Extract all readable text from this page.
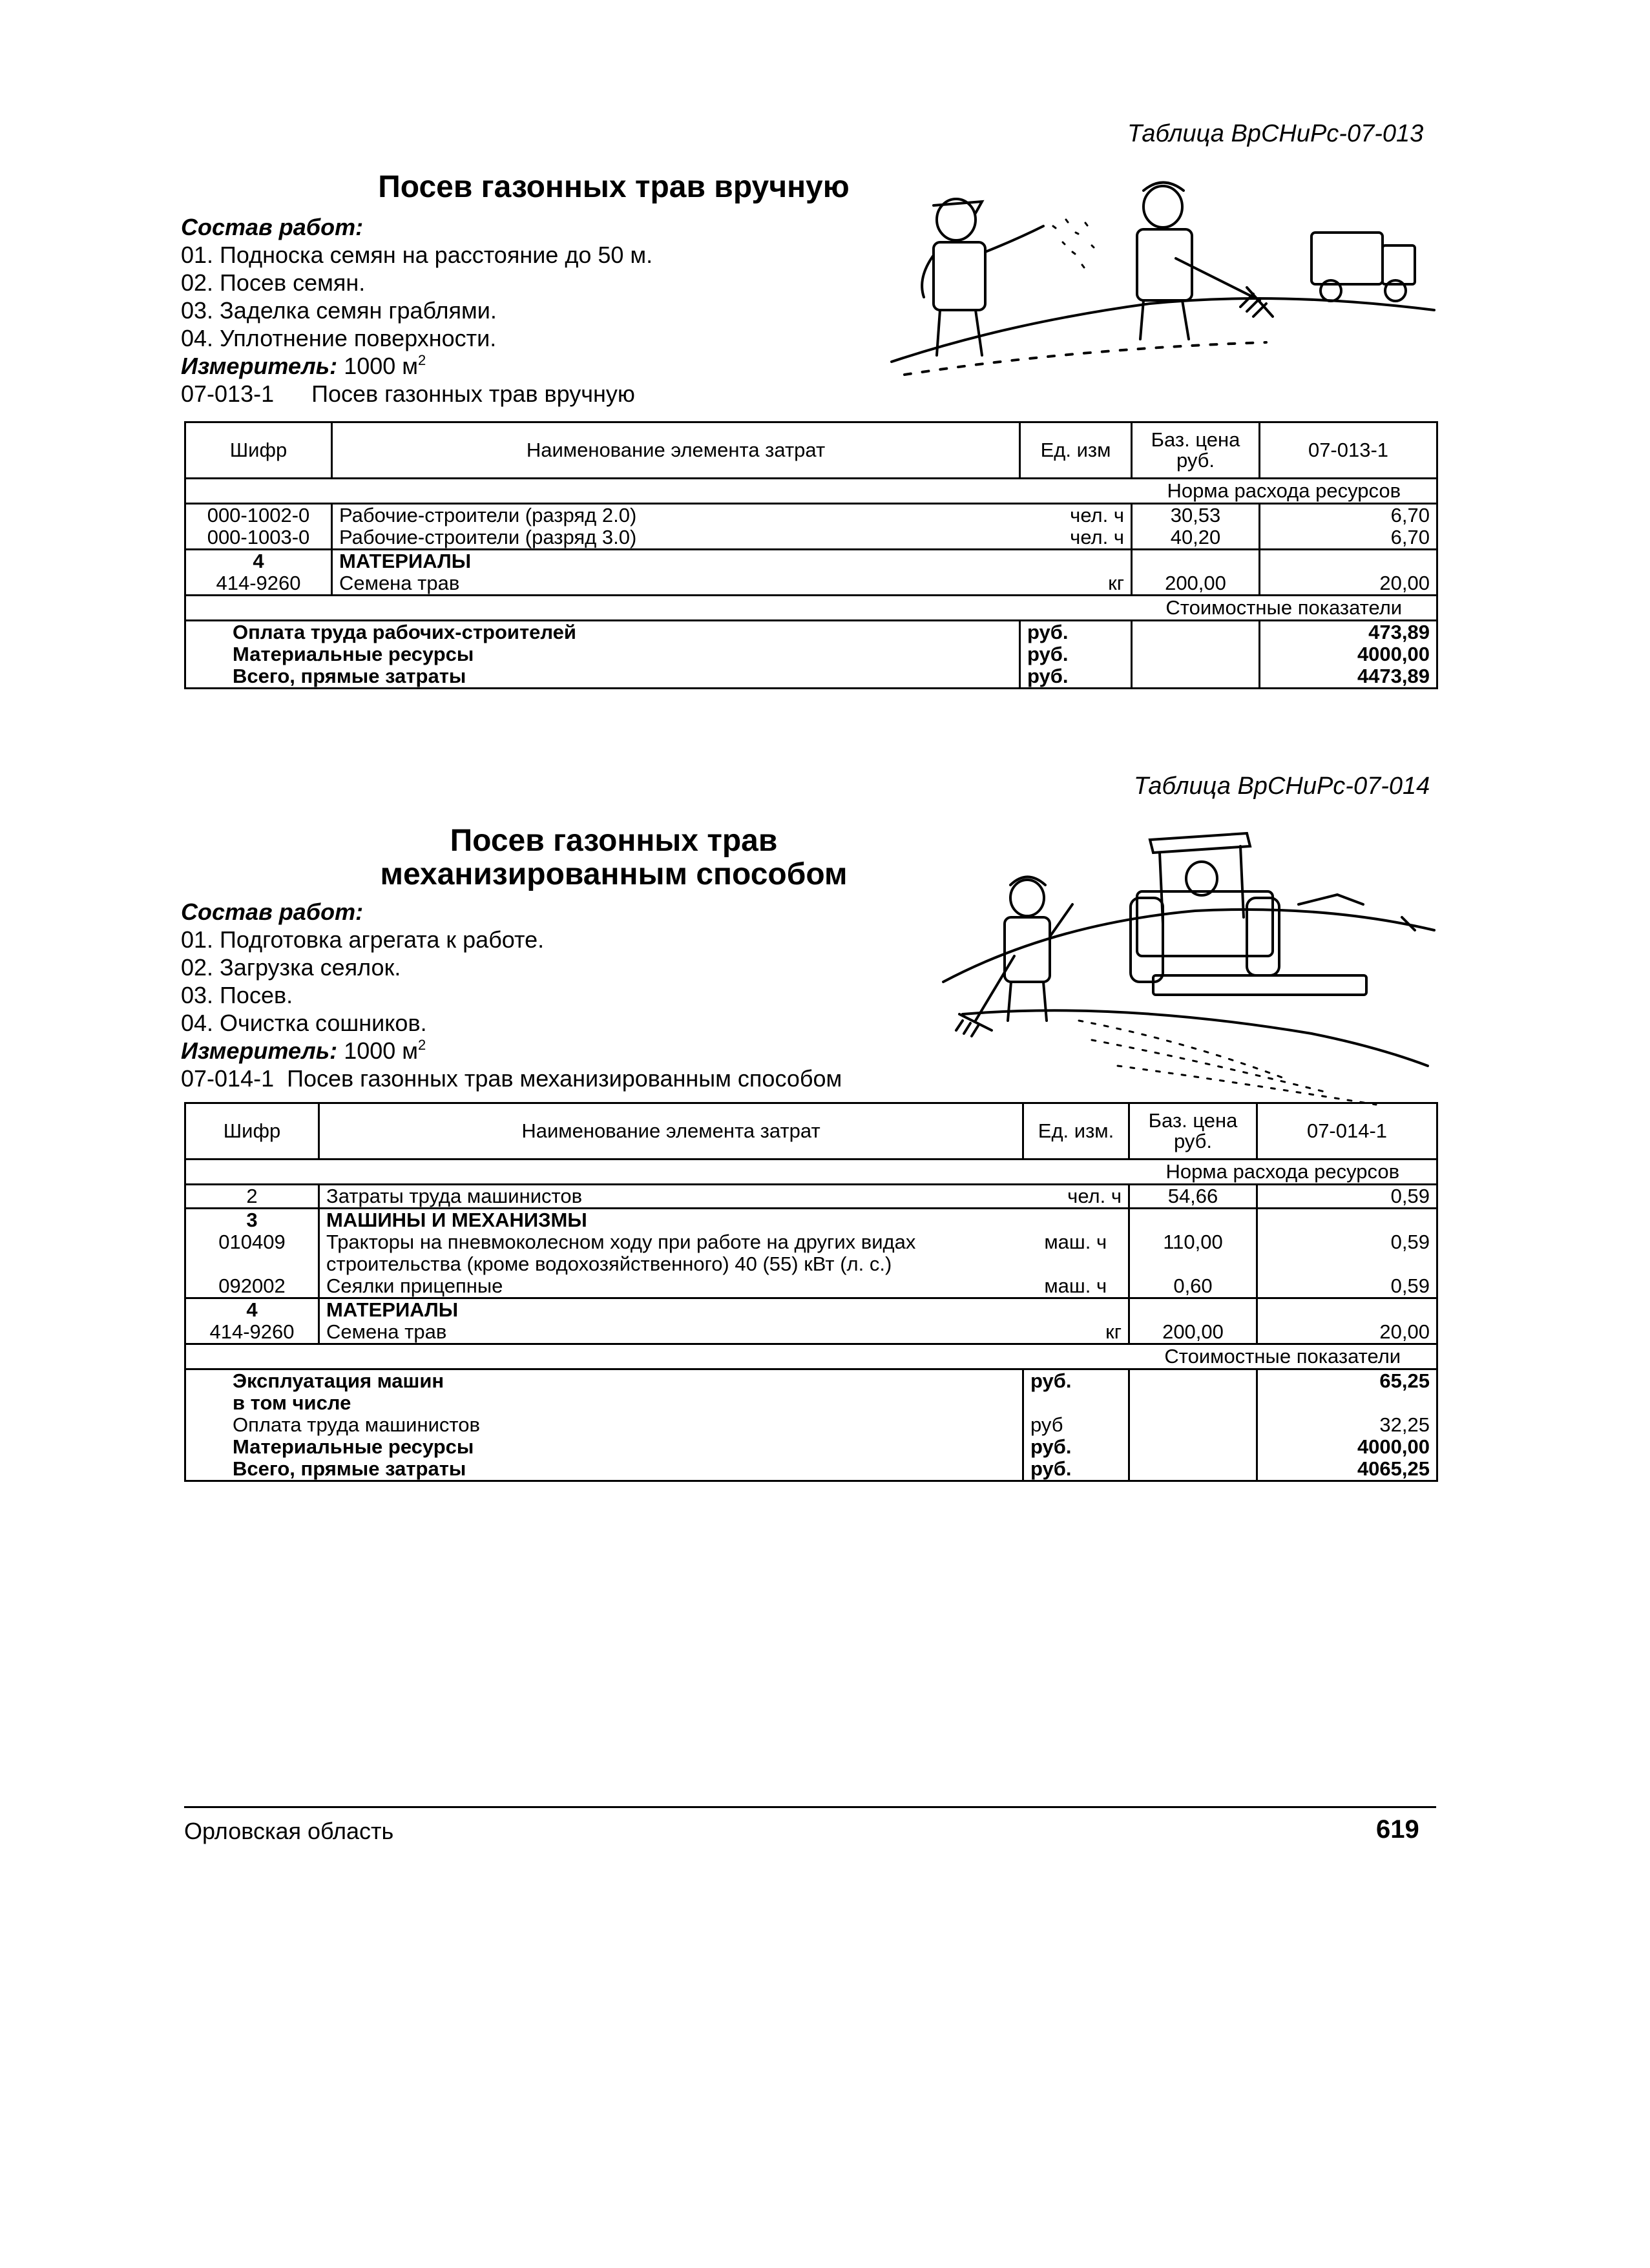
Таблица ВрСНиРс-07-013
Посев газонных трав вручную
Состав работ:
01. Подноска семян на расстояние до 50 м.
02. Посев семян.
03. Заделка семян граблями.
04. Уплотнение поверхности.
Измеритель: 1000 $м^2$
07-013-1 Посев газонных трав вручную
Шифр	Наименование элемента затрат	Ед. изм	Баз. цена
руб.	07-013-1
			Норма расхода ресурсов	
000-1002-0	Рабочие-строители (разряд 2.0)	чел. ч	30,53	6,70
000-1003-0	Рабочие-строители (разряд 3.0)	чел. ч	40,20	6,70
4	МАТЕРИАЛЫ			
414-9260	Семена трав	кг	200,00	20,00
			Стоимостные показатели	
Оплата труда рабочих-строителей		руб.		473,89
Материальные ресурсы		руб.		4000,00
Всего, прямые затраты		руб.		4473,89
Таблица ВрСНиРс-07-014
Посев газонных трав
механизированным способом
Состав работ:
01. Подготовка агрегата к работе.
02. Загрузка сеялок.
03. Посев.
04. Очистка сошников.
Измеритель: 1000 $м^2$
07-014-1 Посев газонных трав механизированным способом
Шифр	Наименование элемента затрат	Ед. изм.	Баз. цена
руб.	07-014-1
			Норма расхода ресурсов	
2	Затраты труда машинистов	чел. ч	54,66	0,59
3	МАШИНЫ И МЕХАНИЗМЫ			
010409	Тракторы на пневмоколесном ходу при работе на других видах строительства (кроме водохозяйственного) 40 (55) кВт (л. с.)	маш. ч	110,00	0,59
092002	Сеялки прицепные	маш. ч	0,60	0,59
4	МАТЕРИАЛЫ			
414-9260	Семена трав	кг	200,00	20,00
			Стоимостные показатели	
Эксплуатация машин		руб.		65,25
в том числе				
Оплата труда машинистов		руб		32,25
Материальные ресурсы		руб.		4000,00
Всего, прямые затраты		руб.		4065,25
Орловская область	619
